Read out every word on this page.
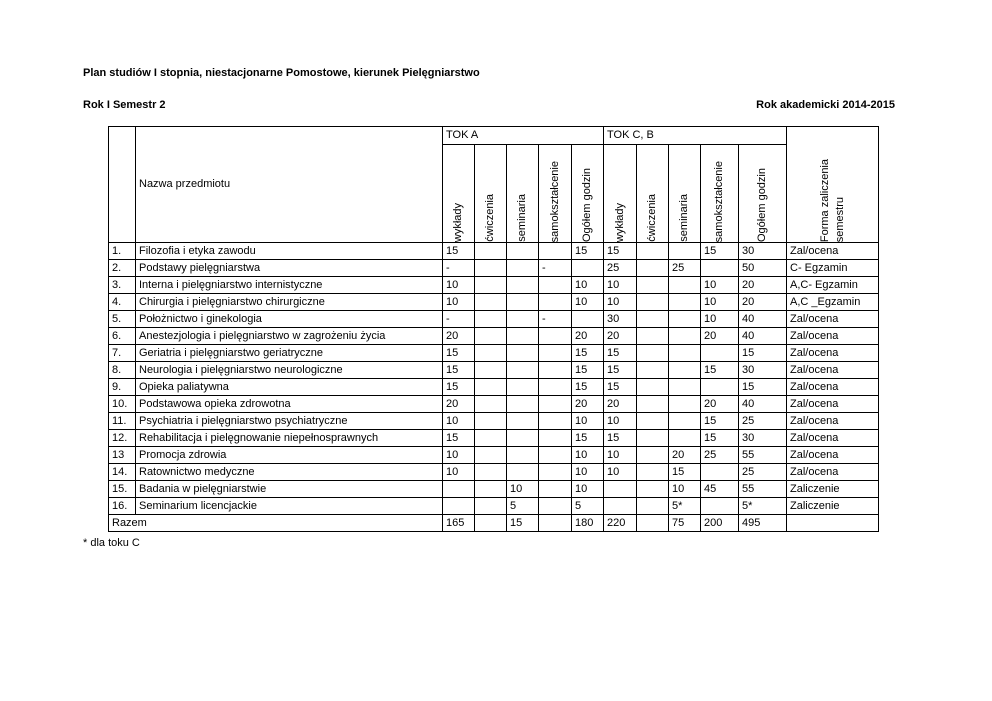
Plan studiów I stopnia, niestacjonarne Pomostowe, kierunek Pielęgniarstwo
Rok I Semestr 2	Rok akademicki 2014-2015
	Nazwa przedmiotu	TOK A					TOK C, B					Forma zaliczenia semestru

		wykłady	ćwiczenia	seminaria	samokształcenie	Ogółem godzin	wykłady	ćwiczenia	seminaria	samokształcenie	Ogółem godzin	

1.	Filozofia i etyka zawodu	15				15	15			15	30	Zal/ocena
2.	Podstawy pielęgniarstwa	-			-		25		25		50	C- Egzamin
3.	Interna i pielęgniarstwo internistyczne	10				10	10			10	20	A,C- Egzamin
4.	Chirurgia i pielęgniarstwo chirurgiczne	10				10	10			10	20	A,C _Egzamin
5.	Położnictwo i ginekologia	-			-		30			10	40	Zal/ocena
6.	Anestezjologia i pielęgniarstwo w zagrożeniu życia	20				20	20			20	40	Zal/ocena
7.	Geriatria i pielęgniarstwo geriatryczne	15				15	15				15	Zal/ocena
8.	Neurologia i pielęgniarstwo neurologiczne	15				15	15			15	30	Zal/ocena
9.	Opieka paliatywna	15				15	15				15	Zal/ocena
10.	Podstawowa opieka zdrowotna	20				20	20			20	40	Zal/ocena
11.	Psychiatria i pielęgniarstwo psychiatryczne	10				10	10			15	25	Zal/ocena
12.	Rehabilitacja i pielęgnowanie niepełnosprawnych	15				15	15			15	30	Zal/ocena
13	Promocja zdrowia	10				10	10		20	25	55	Zal/ocena
14.	Ratownictwo medyczne	10				10	10		15		25	Zal/ocena
15.	Badania w pielęgniarstwie			10		10			10	45	55	Zaliczenie
16.	Seminarium licencjackie			5		5			5*		5*	Zaliczenie
Razem		165		15		180	220		75	200	495	
* dla toku C
